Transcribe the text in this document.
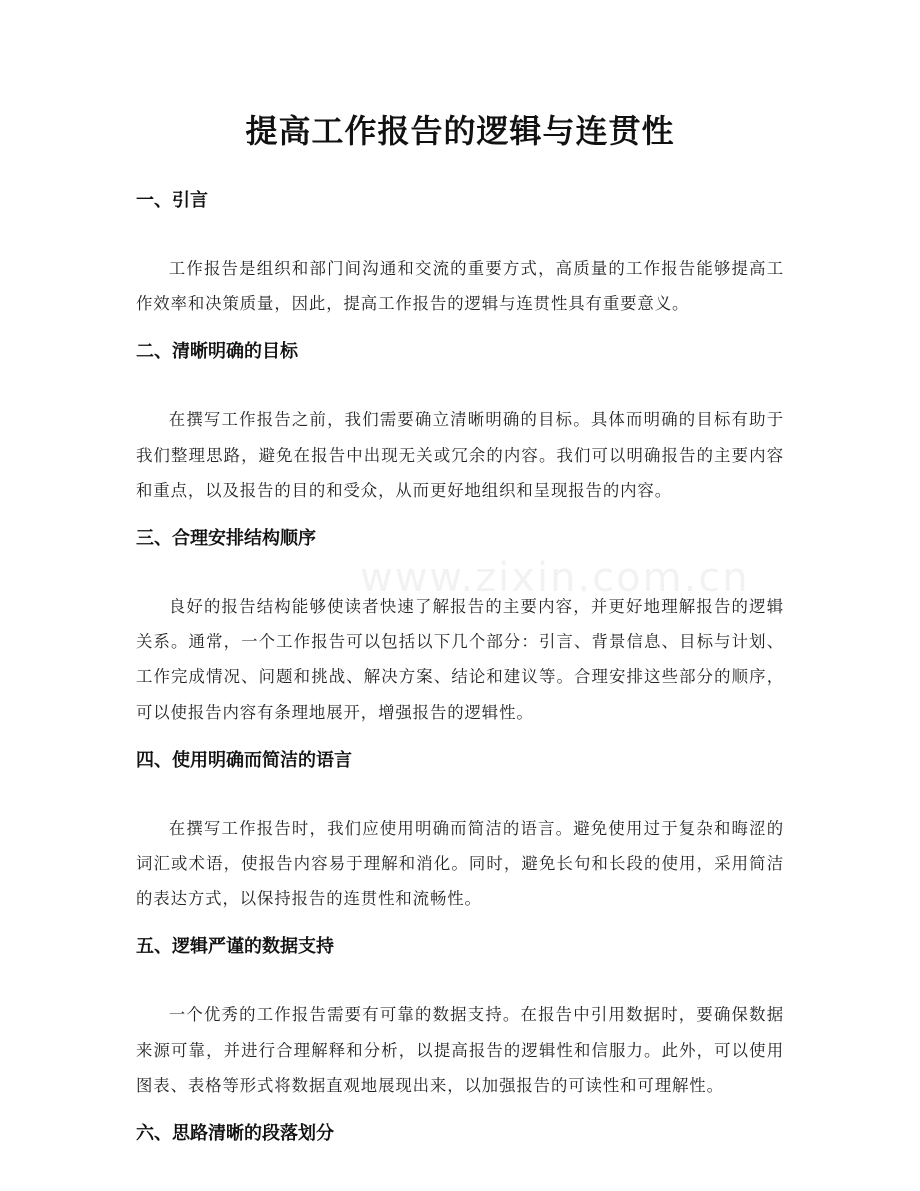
提高工作报告的逻辑与连贯性
www.zixin.com.cn
一、引言

工作报告是组织和部门间沟通和交流的重要方式，高质量的工作报告能够提高工作效率和决策质量，因此，提高工作报告的逻辑与连贯性具有重要意义。

二、清晰明确的目标

在撰写工作报告之前，我们需要确立清晰明确的目标。具体而明确的目标有助于我们整理思路，避免在报告中出现无关或冗余的内容。我们可以明确报告的主要内容和重点，以及报告的目的和受众，从而更好地组织和呈现报告的内容。

三、合理安排结构顺序

良好的报告结构能够使读者快速了解报告的主要内容，并更好地理解报告的逻辑关系。通常，一个工作报告可以包括以下几个部分：引言、背景信息、目标与计划、工作完成情况、问题和挑战、解决方案、结论和建议等。合理安排这些部分的顺序，可以使报告内容有条理地展开，增强报告的逻辑性。

四、使用明确而简洁的语言

在撰写工作报告时，我们应使用明确而简洁的语言。避免使用过于复杂和晦涩的词汇或术语，使报告内容易于理解和消化。同时，避免长句和长段的使用，采用简洁的表达方式，以保持报告的连贯性和流畅性。

五、逻辑严谨的数据支持

一个优秀的工作报告需要有可靠的数据支持。在报告中引用数据时，要确保数据来源可靠，并进行合理解释和分析，以提高报告的逻辑性和信服力。此外，可以使用图表、表格等形式将数据直观地展现出来，以加强报告的可读性和可理解性。

六、思路清晰的段落划分
